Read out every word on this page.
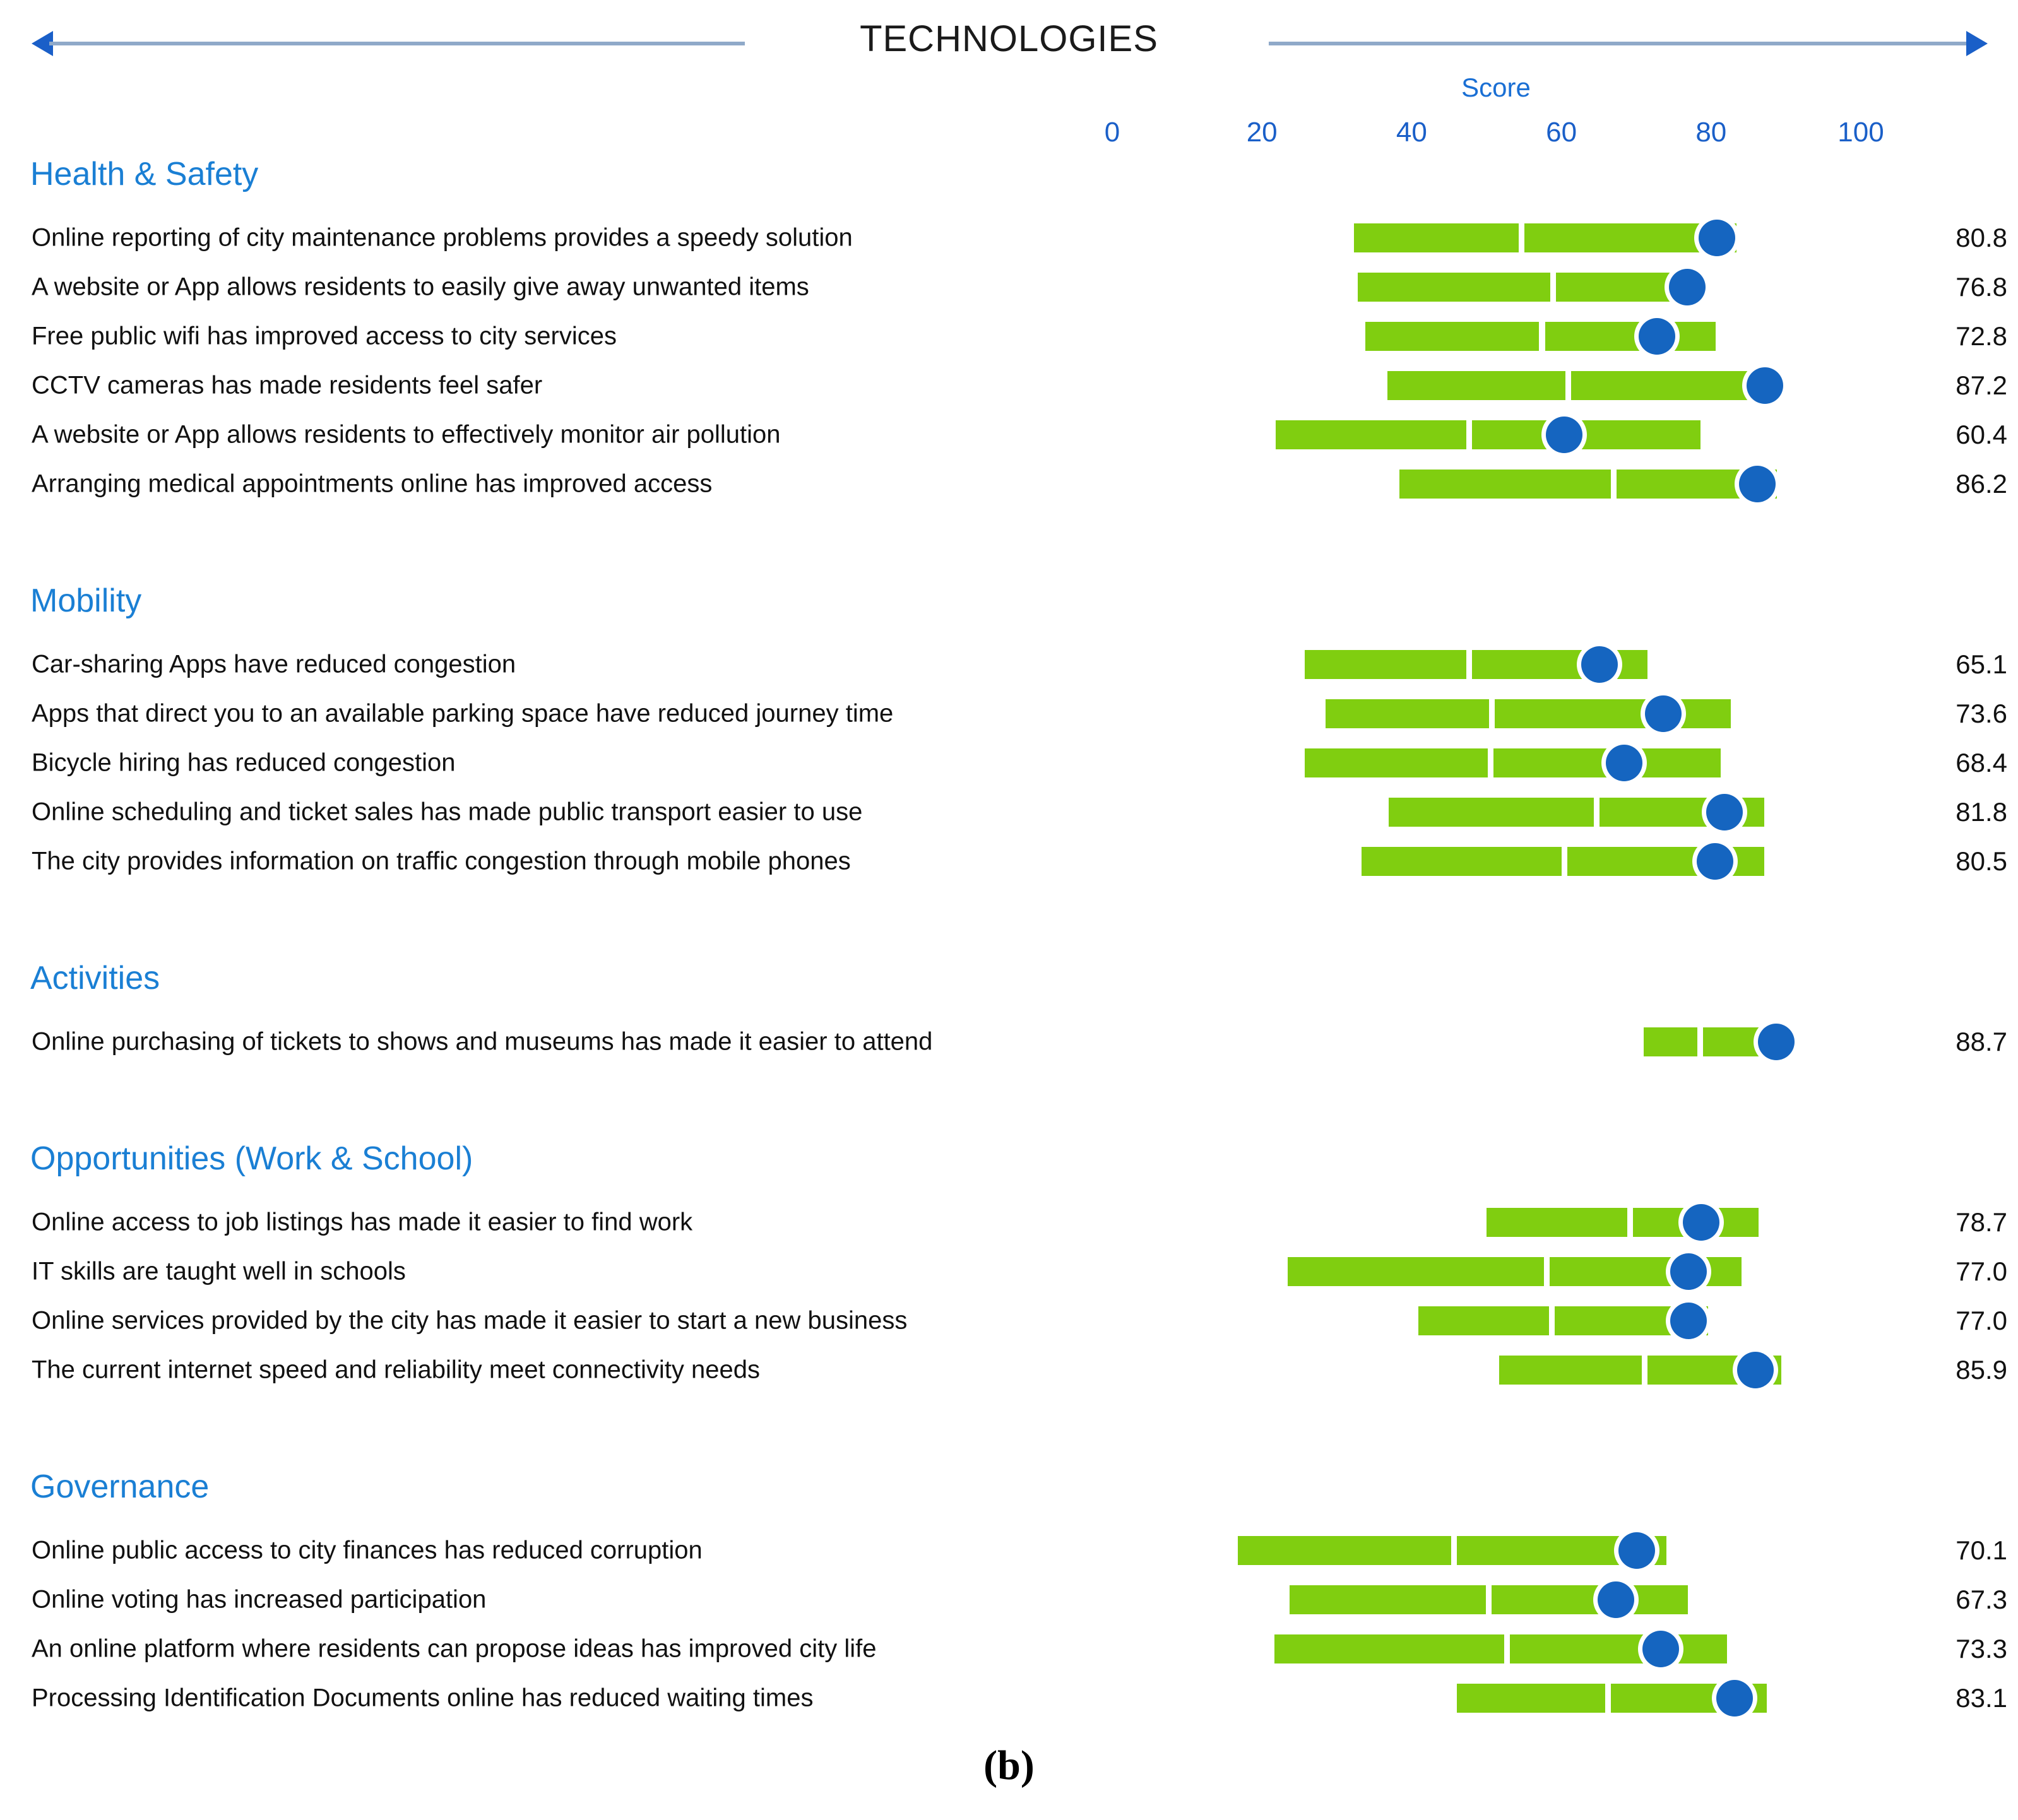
TECHNOLOGIES
Score
0	20	40	60	80	100
Health & Safety
Online reporting of city maintenance problems provides a speedy solution	80.8
A website or App allows residents to easily give away unwanted items	76.8
Free public wifi has improved access to city services	72.8
CCTV cameras has made residents feel safer	87.2
A website or App allows residents to effectively monitor air pollution	60.4
Arranging medical appointments online has improved access	86.2
Mobility
Car-sharing Apps have reduced congestion	65.1
Apps that direct you to an available parking space have reduced journey time	73.6
Bicycle hiring has reduced congestion	68.4
Online scheduling and ticket sales has made public transport easier to use	81.8
The city provides information on traffic congestion through mobile phones	80.5
Activities
Online purchasing of tickets to shows and museums has made it easier to attend	88.7
Opportunities (Work & School)
Online access to job listings has made it easier to find work	78.7
IT skills are taught well in schools	77.0
Online services provided by the city has made it easier to start a new business	77.0
The current internet speed and reliability meet connectivity needs	85.9
Governance
Online public access to city finances has reduced corruption	70.1
Online voting has increased participation	67.3
An online platform where residents can propose ideas has improved city life	73.3
Processing Identification Documents online has reduced waiting times	83.1
(b)
